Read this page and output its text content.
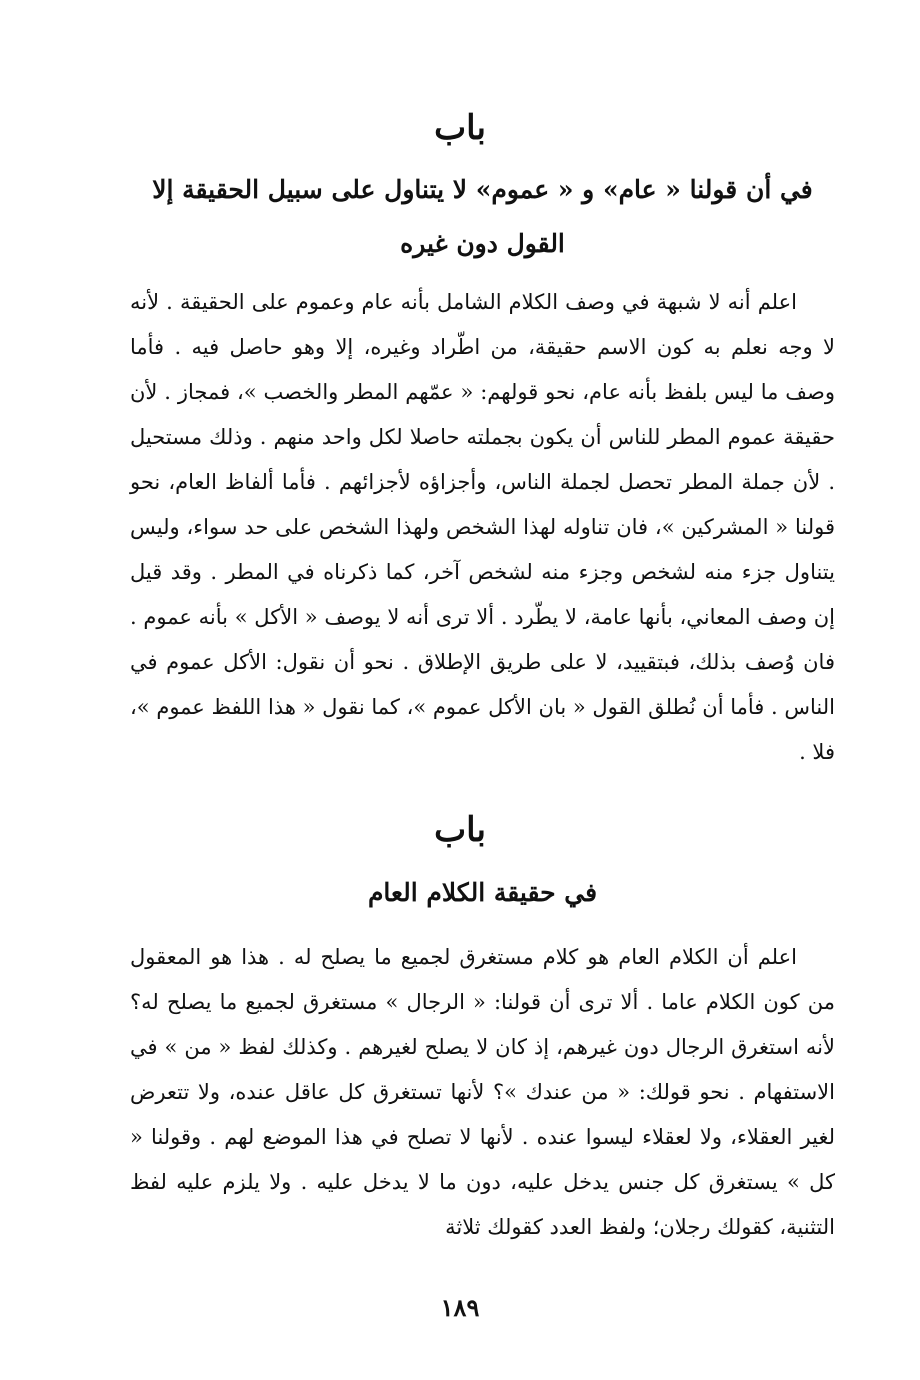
باب
في أن قولنا « عام» و « عموم» لا يتناول على سبيل الحقيقة إلا القول دون غيره

اعلم أنه لا شبهة في وصف الكلام الشامل بأنه عام وعموم على الحقيقة . لأنه لا وجه نعلم به كون الاسم حقيقة، من اطّراد وغيره، إلا وهو حاصل فيه . فأما وصف ما ليس بلفظ بأنه عام، نحو قولهم: « عمّهم المطر والخصب »، فمجاز . لأن حقيقة عموم المطر للناس أن يكون بجملته حاصلا لكل واحد منهم . وذلك مستحيل . لأن جملة المطر تحصل لجملة الناس، وأجزاؤه لأجزائهم . فأما ألفاظ العام، نحو قولنا « المشركين »، فان تناوله لهذا الشخص ولهذا الشخص على حد سواء، وليس يتناول جزء منه لشخص وجزء منه لشخص آخر، كما ذكرناه في المطر . وقد قيل إن وصف المعاني، بأنها عامة، لا يطّرد . ألا ترى أنه لا يوصف « الأكل » بأنه عموم . فان وُصف بذلك، فبتقييد، لا على طريق الإطلاق . نحو أن نقول: الأكل عموم في الناس . فأما أن نُطلق القول « بان الأكل عموم »، كما نقول « هذا اللفظ عموم »، فلا .

باب
في حقيقة الكلام العام

اعلم أن الكلام العام هو كلام مستغرق لجميع ما يصلح له . هذا هو المعقول من كون الكلام عاما . ألا ترى أن قولنا: « الرجال » مستغرق لجميع ما يصلح له؟ لأنه استغرق الرجال دون غيرهم، إذ كان لا يصلح لغيرهم . وكذلك لفظ « من » في الاستفهام . نحو قولك: « من عندك »؟ لأنها تستغرق كل عاقل عنده، ولا تتعرض لغير العقلاء، ولا لعقلاء ليسوا عنده . لأنها لا تصلح في هذا الموضع لهم . وقولنا « كل » يستغرق كل جنس يدخل عليه، دون ما لا يدخل عليه . ولا يلزم عليه لفظ التثنية، كقولك رجلان؛ ولفظ العدد كقولك ثلاثة

١٨٩
